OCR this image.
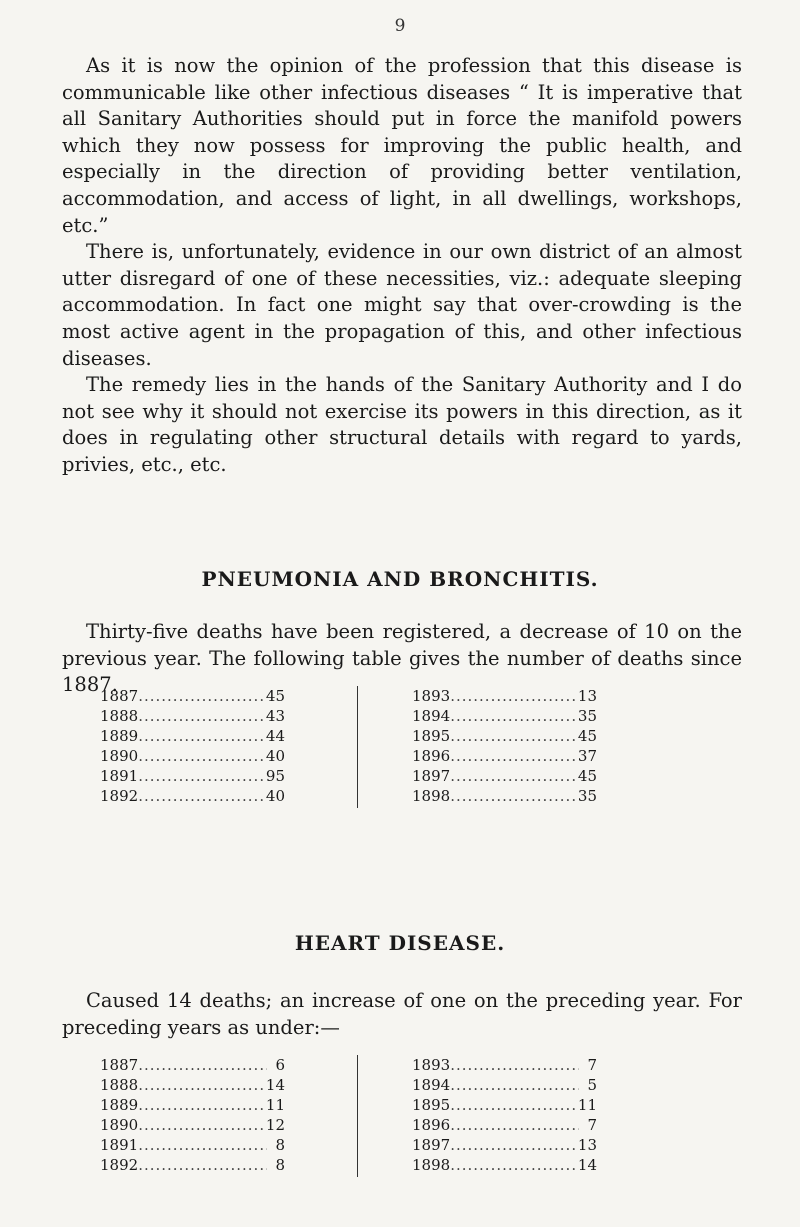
9

As it is now the opinion of the profession that this disease is communicable like other infectious diseases “ It is imperative that all Sanitary Authorities should put in force the manifold powers which they now possess for improving the public health, and especially in the direction of providing better ventilation, accommodation, and access of light, in all dwellings, workshops, etc.”

There is, unfortunately, evidence in our own district of an almost utter disregard of one of these necessities, viz.: adequate sleeping accommodation. In fact one might say that over-crowding is the most active agent in the propagation of this, and other infectious diseases.

The remedy lies in the hands of the Sanitary Authority and I do not see why it should not exercise its powers in this direction, as it does in regulating other structural details with regard to yards, privies, etc., etc.

PNEUMONIA AND BRONCHITIS.

Thirty-five deaths have been registered, a decrease of 10 on the previous year. The following table gives the number of deaths since 1887.

1887 .....	45
1888 .....	43
1889 .....	44
1890 .....	40
1891 .....	95
1892 .....	40
1893 .....	13
1894 .....	35
1895 .....	45
1896 .....	37
1897 .....	45
1898 .....	35
HEART DISEASE.

Caused 14 deaths; an increase of one on the preceding year. For preceding years as under:—

1887 .....	6
1888 .....	14
1889 .....	11
1890 .....	12
1891 .....	8
1892 .....	8
1893 .....	7
1894 .....	5
1895 .....	11
1896 .....	7
1897 .....	13
1898 .....	14
